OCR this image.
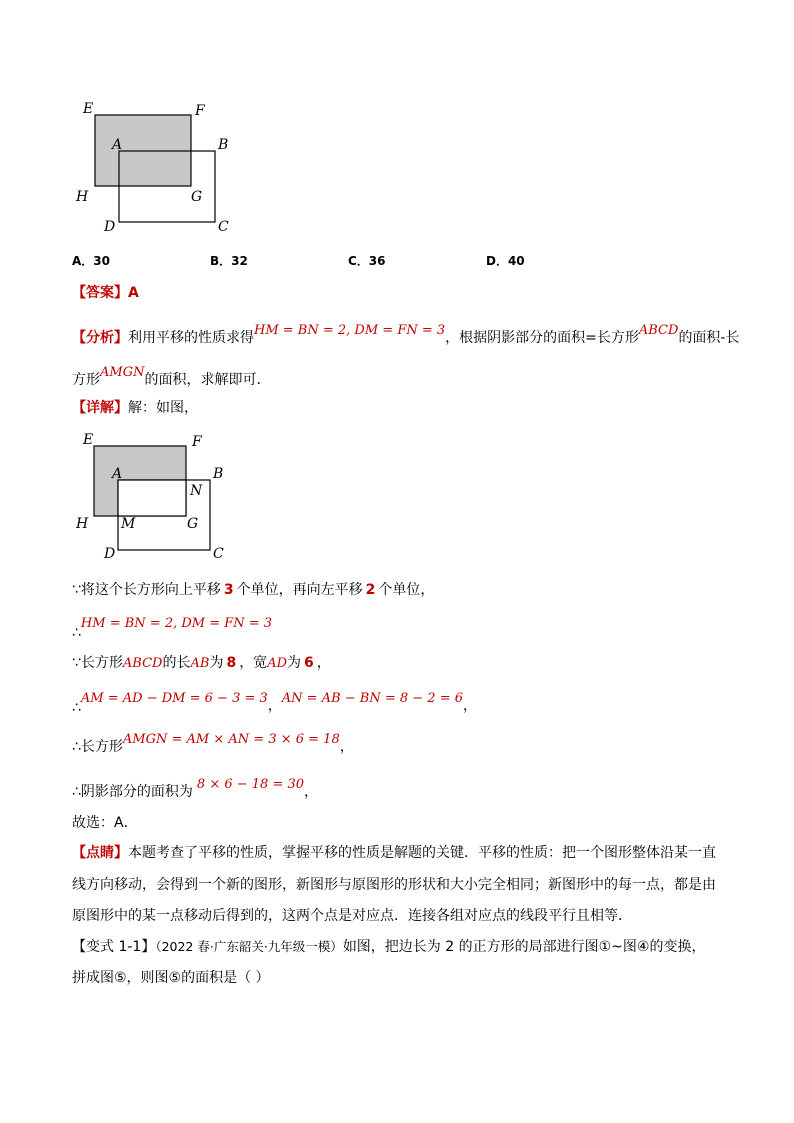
E	F
A	B
H	G
D	C
A．30	B．32	C．36	D．40
【答案】A
【分析】利用平移的性质求得HM = BN = 2, DM = FN = 3，根据阴影部分的面积=长方形ABCD的面积-长
方形AMGN的面积，求解即可．
【详解】解：如图，
E	F
A	B
N
H M	G
D	C
∵将这个长方形向上平移 3 个单位，再向左平移 2 个单位，
∴HM = BN = 2, DM = FN = 3
∵长方形ABCD的长AB为 8 ，宽AD为 6 ，
∴AM = AD − DM = 6 − 3 = 3，AN = AB − BN = 8 − 2 = 6，
∴长方形AMGN = AM × AN = 3 × 6 = 18，
∴阴影部分的面积为 8 × 6 − 18 = 30，
故选：A．
【点睛】本题考查了平移的性质，掌握平移的性质是解题的关键．平移的性质：把一个图形整体沿某一直
线方向移动，会得到一个新的图形，新图形与原图形的形状和大小完全相同；新图形中的每一点，都是由
原图形中的某一点移动后得到的，这两个点是对应点．连接各组对应点的线段平行且相等．
【变式 1-1】（2022 春·广东韶关·九年级一模）如图，把边长为 2 的正方形的局部进行图①~图④的变换，
拼成图⑤，则图⑤的面积是（ ）
